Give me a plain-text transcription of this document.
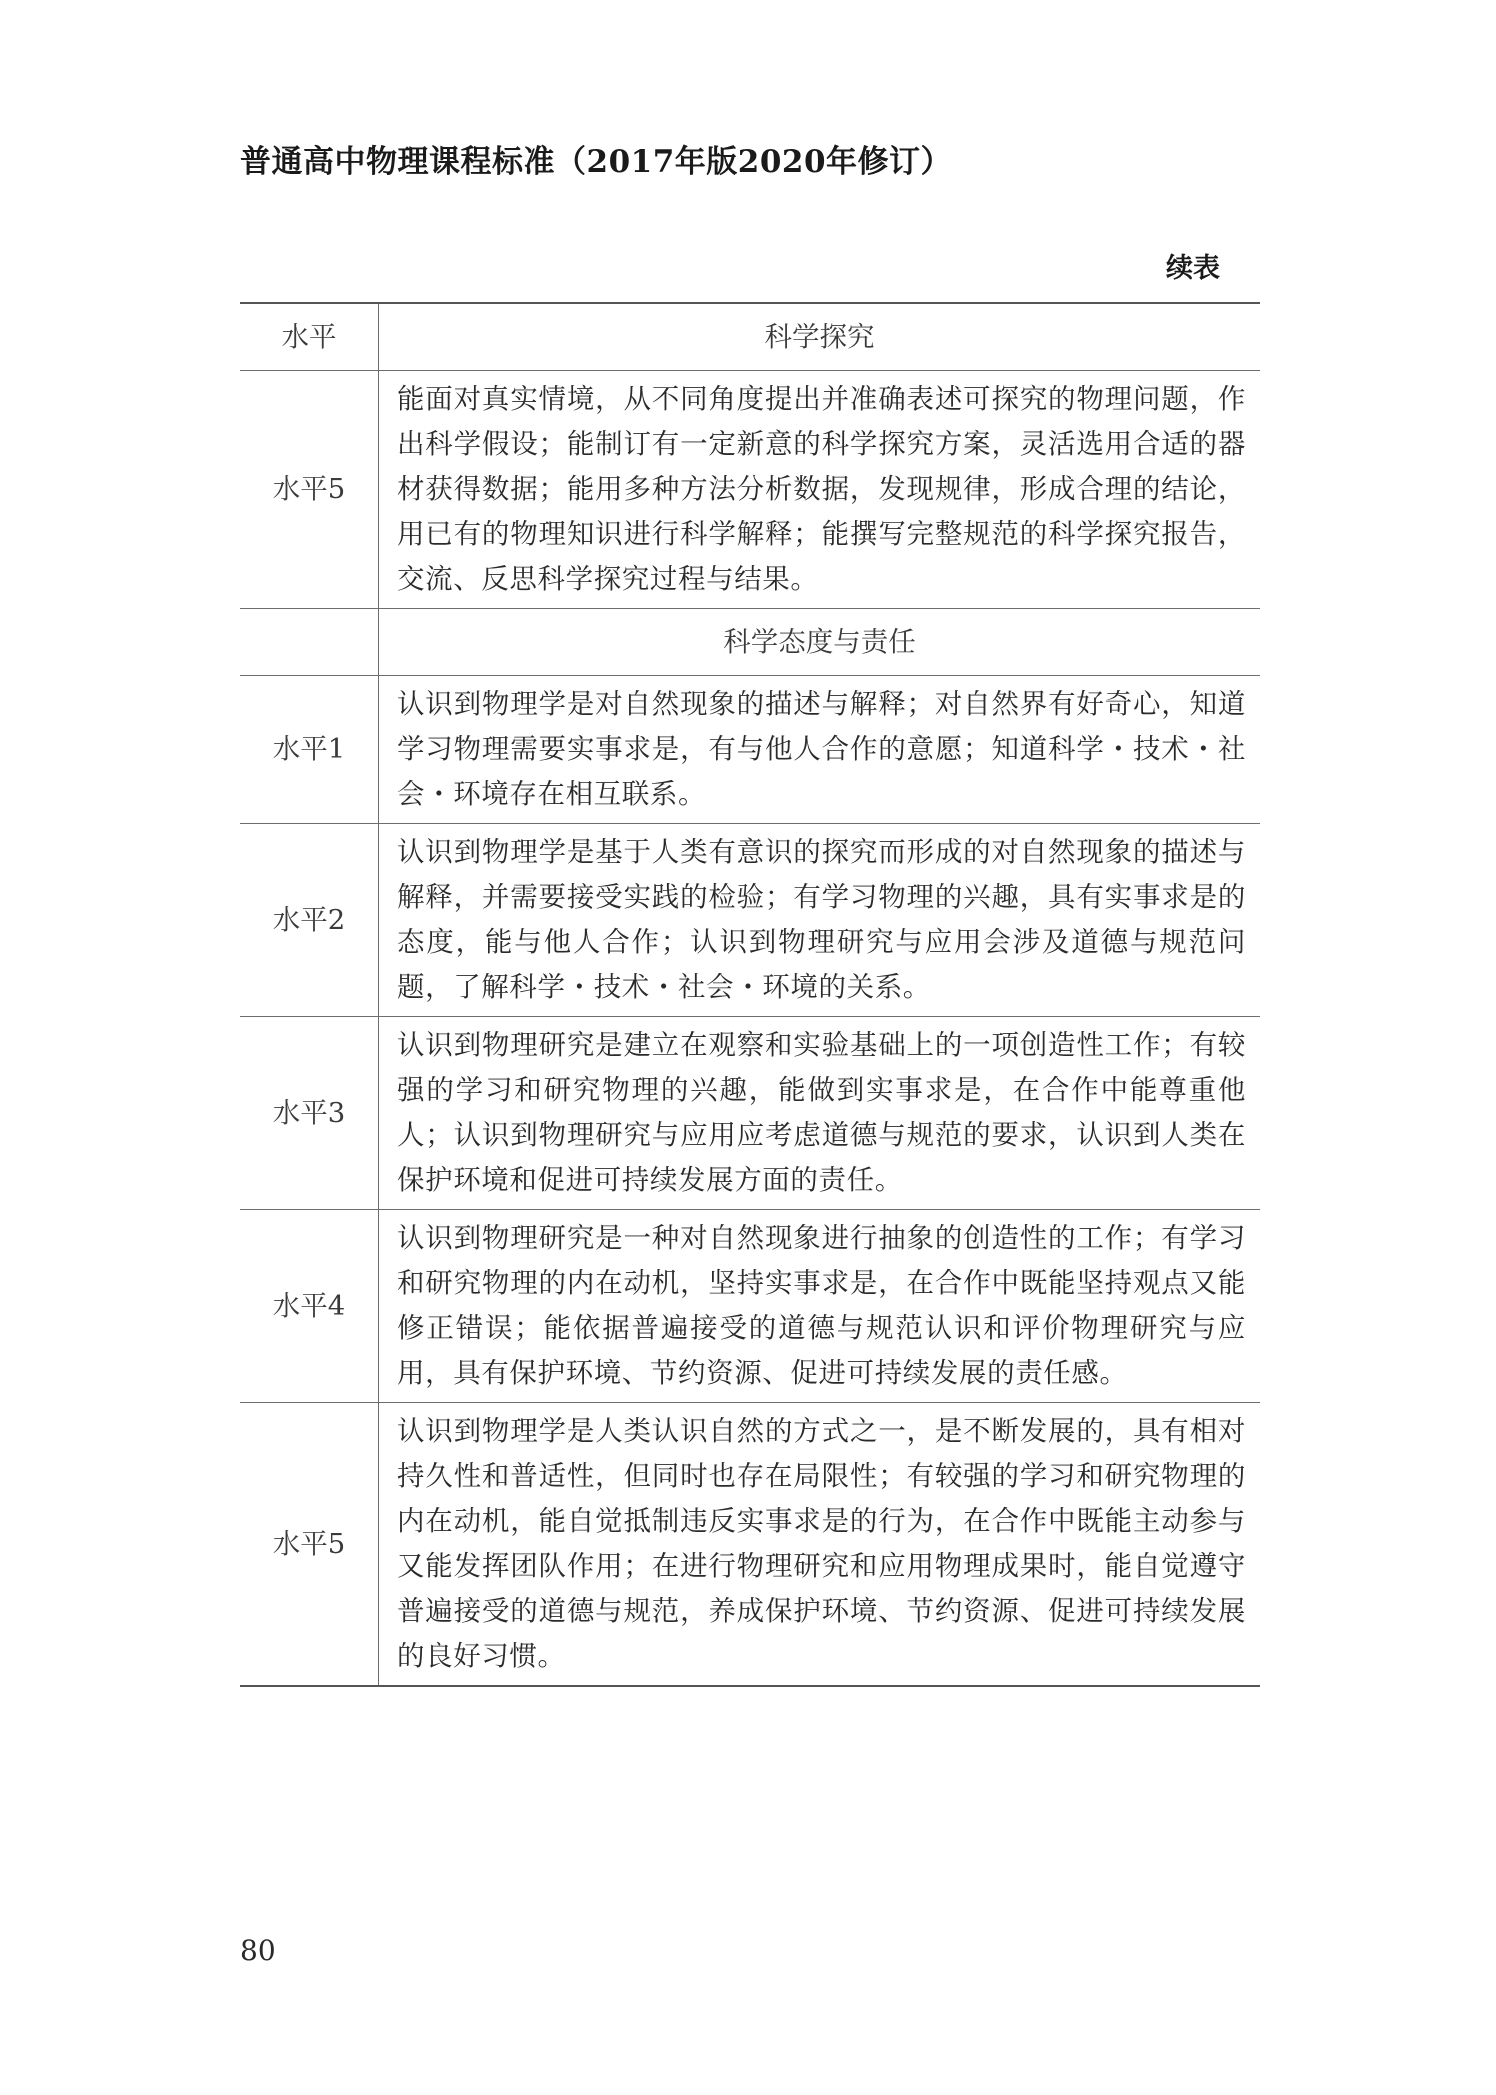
普通高中物理课程标准（2017年版2020年修订）
续表
水平	科学探究
水平5	能面对真实情境，从不同角度提出并准确表述可探究的物理问题，作出科学假设；能制订有一定新意的科学探究方案，灵活选用合适的器材获得数据；能用多种方法分析数据，发现规律，形成合理的结论，用已有的物理知识进行科学解释；能撰写完整规范的科学探究报告，交流、反思科学探究过程与结果。
	科学态度与责任
水平1	认识到物理学是对自然现象的描述与解释；对自然界有好奇心，知道学习物理需要实事求是，有与他人合作的意愿；知道科学・技术・社会・环境存在相互联系。
水平2	认识到物理学是基于人类有意识的探究而形成的对自然现象的描述与解释，并需要接受实践的检验；有学习物理的兴趣，具有实事求是的态度，能与他人合作；认识到物理研究与应用会涉及道德与规范问题，了解科学・技术・社会・环境的关系。
水平3	认识到物理研究是建立在观察和实验基础上的一项创造性工作；有较强的学习和研究物理的兴趣，能做到实事求是，在合作中能尊重他人；认识到物理研究与应用应考虑道德与规范的要求，认识到人类在保护环境和促进可持续发展方面的责任。
水平4	认识到物理研究是一种对自然现象进行抽象的创造性的工作；有学习和研究物理的内在动机，坚持实事求是，在合作中既能坚持观点又能修正错误；能依据普遍接受的道德与规范认识和评价物理研究与应用，具有保护环境、节约资源、促进可持续发展的责任感。
水平5	认识到物理学是人类认识自然的方式之一，是不断发展的，具有相对持久性和普适性，但同时也存在局限性；有较强的学习和研究物理的内在动机，能自觉抵制违反实事求是的行为，在合作中既能主动参与又能发挥团队作用；在进行物理研究和应用物理成果时，能自觉遵守普遍接受的道德与规范，养成保护环境、节约资源、促进可持续发展的良好习惯。
80
